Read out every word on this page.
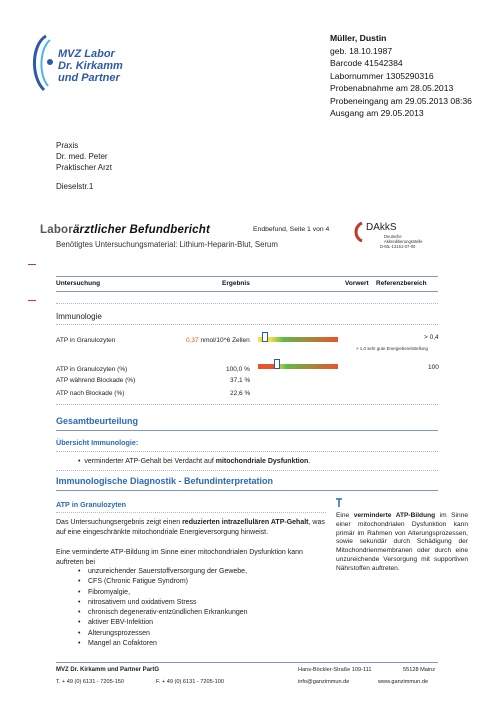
MVZ Labor
Dr. Kirkamm
und Partner
Müller, Dustin
geb. 18.10.1987
Barcode 41542384
Labornummer 1305290316
Probenabnahme am 28.05.2013
Probeneingang am 29.05.2013 08:36
Ausgang am 29.05.2013
Praxis
Dr. med. Peter
Praktischer Arzt
Dieselstr.1
Laborärztlicher Befundbericht	Endbefund, Seite 1 von 4
Benötigtes Untersuchungsmaterial: Lithium-Heparin-Blut, Serum
DAkkS
Deutsche
Akkreditierungsstelle
D-ML-13151-07-00
Untersuchung	Ergebnis	Vorwert Referenzbereich
Immunologie
ATP in Granulozyten	0,37 nmol/10^6 Zellen	> 0,4
> 1,0 sehr gute Energiebereitstellung
ATP in Granulozyten (%)	100,0 %	100
ATP während Blockade (%)	37,1 %
ATP nach Blockade (%)	22,6 %
Gesamtbeurteilung
Übersicht Immunologie:
•  verminderter ATP-Gehalt bei Verdacht auf mitochondriale Dysfunktion.
Immunologische Diagnostik - Befundinterpretation
ATP in Granulozyten
Das Untersuchungsergebnis zeigt einen reduzierten intrazellulären ATP-Gehalt, was auf eine eingeschränkte mitochondriale Energieversorgung hinweist.
Eine verminderte ATP-Bildung im Sinne einer mitochondrialen Dysfunktion kann auftreten bei
• unzureichender Sauerstoffversorgung der Gewebe,
• CFS (Chronic Fatigue Syndrom)
• Fibromyalgie,
• nitrosativem und oxidativem Stress
• chronisch degenerativ-entzündlichen Erkrankungen
• aktiver EBV-Infektion
• Alterungsprozessen
• Mangel an Cofaktoren
Eine verminderte ATP-Bildung im Sinne einer mitochondrialen Dysfunktion kann primär im Rahmen von Alterungsprozessen, sowie sekundär durch Schädigung der Mitochondrienmembranen oder durch eine unzureichende Versorgung mit supportiven Nährstoffen auftreten.
MVZ Dr. Kirkamm und Partner PartG
T. + 49 (0) 6131 - 7205-150	F. + 49 (0) 6131 - 7205-100
Hans-Böckler-Straße 109-111	55128 Mainz
info@ganzimmun.de	www.ganzimmun.de
